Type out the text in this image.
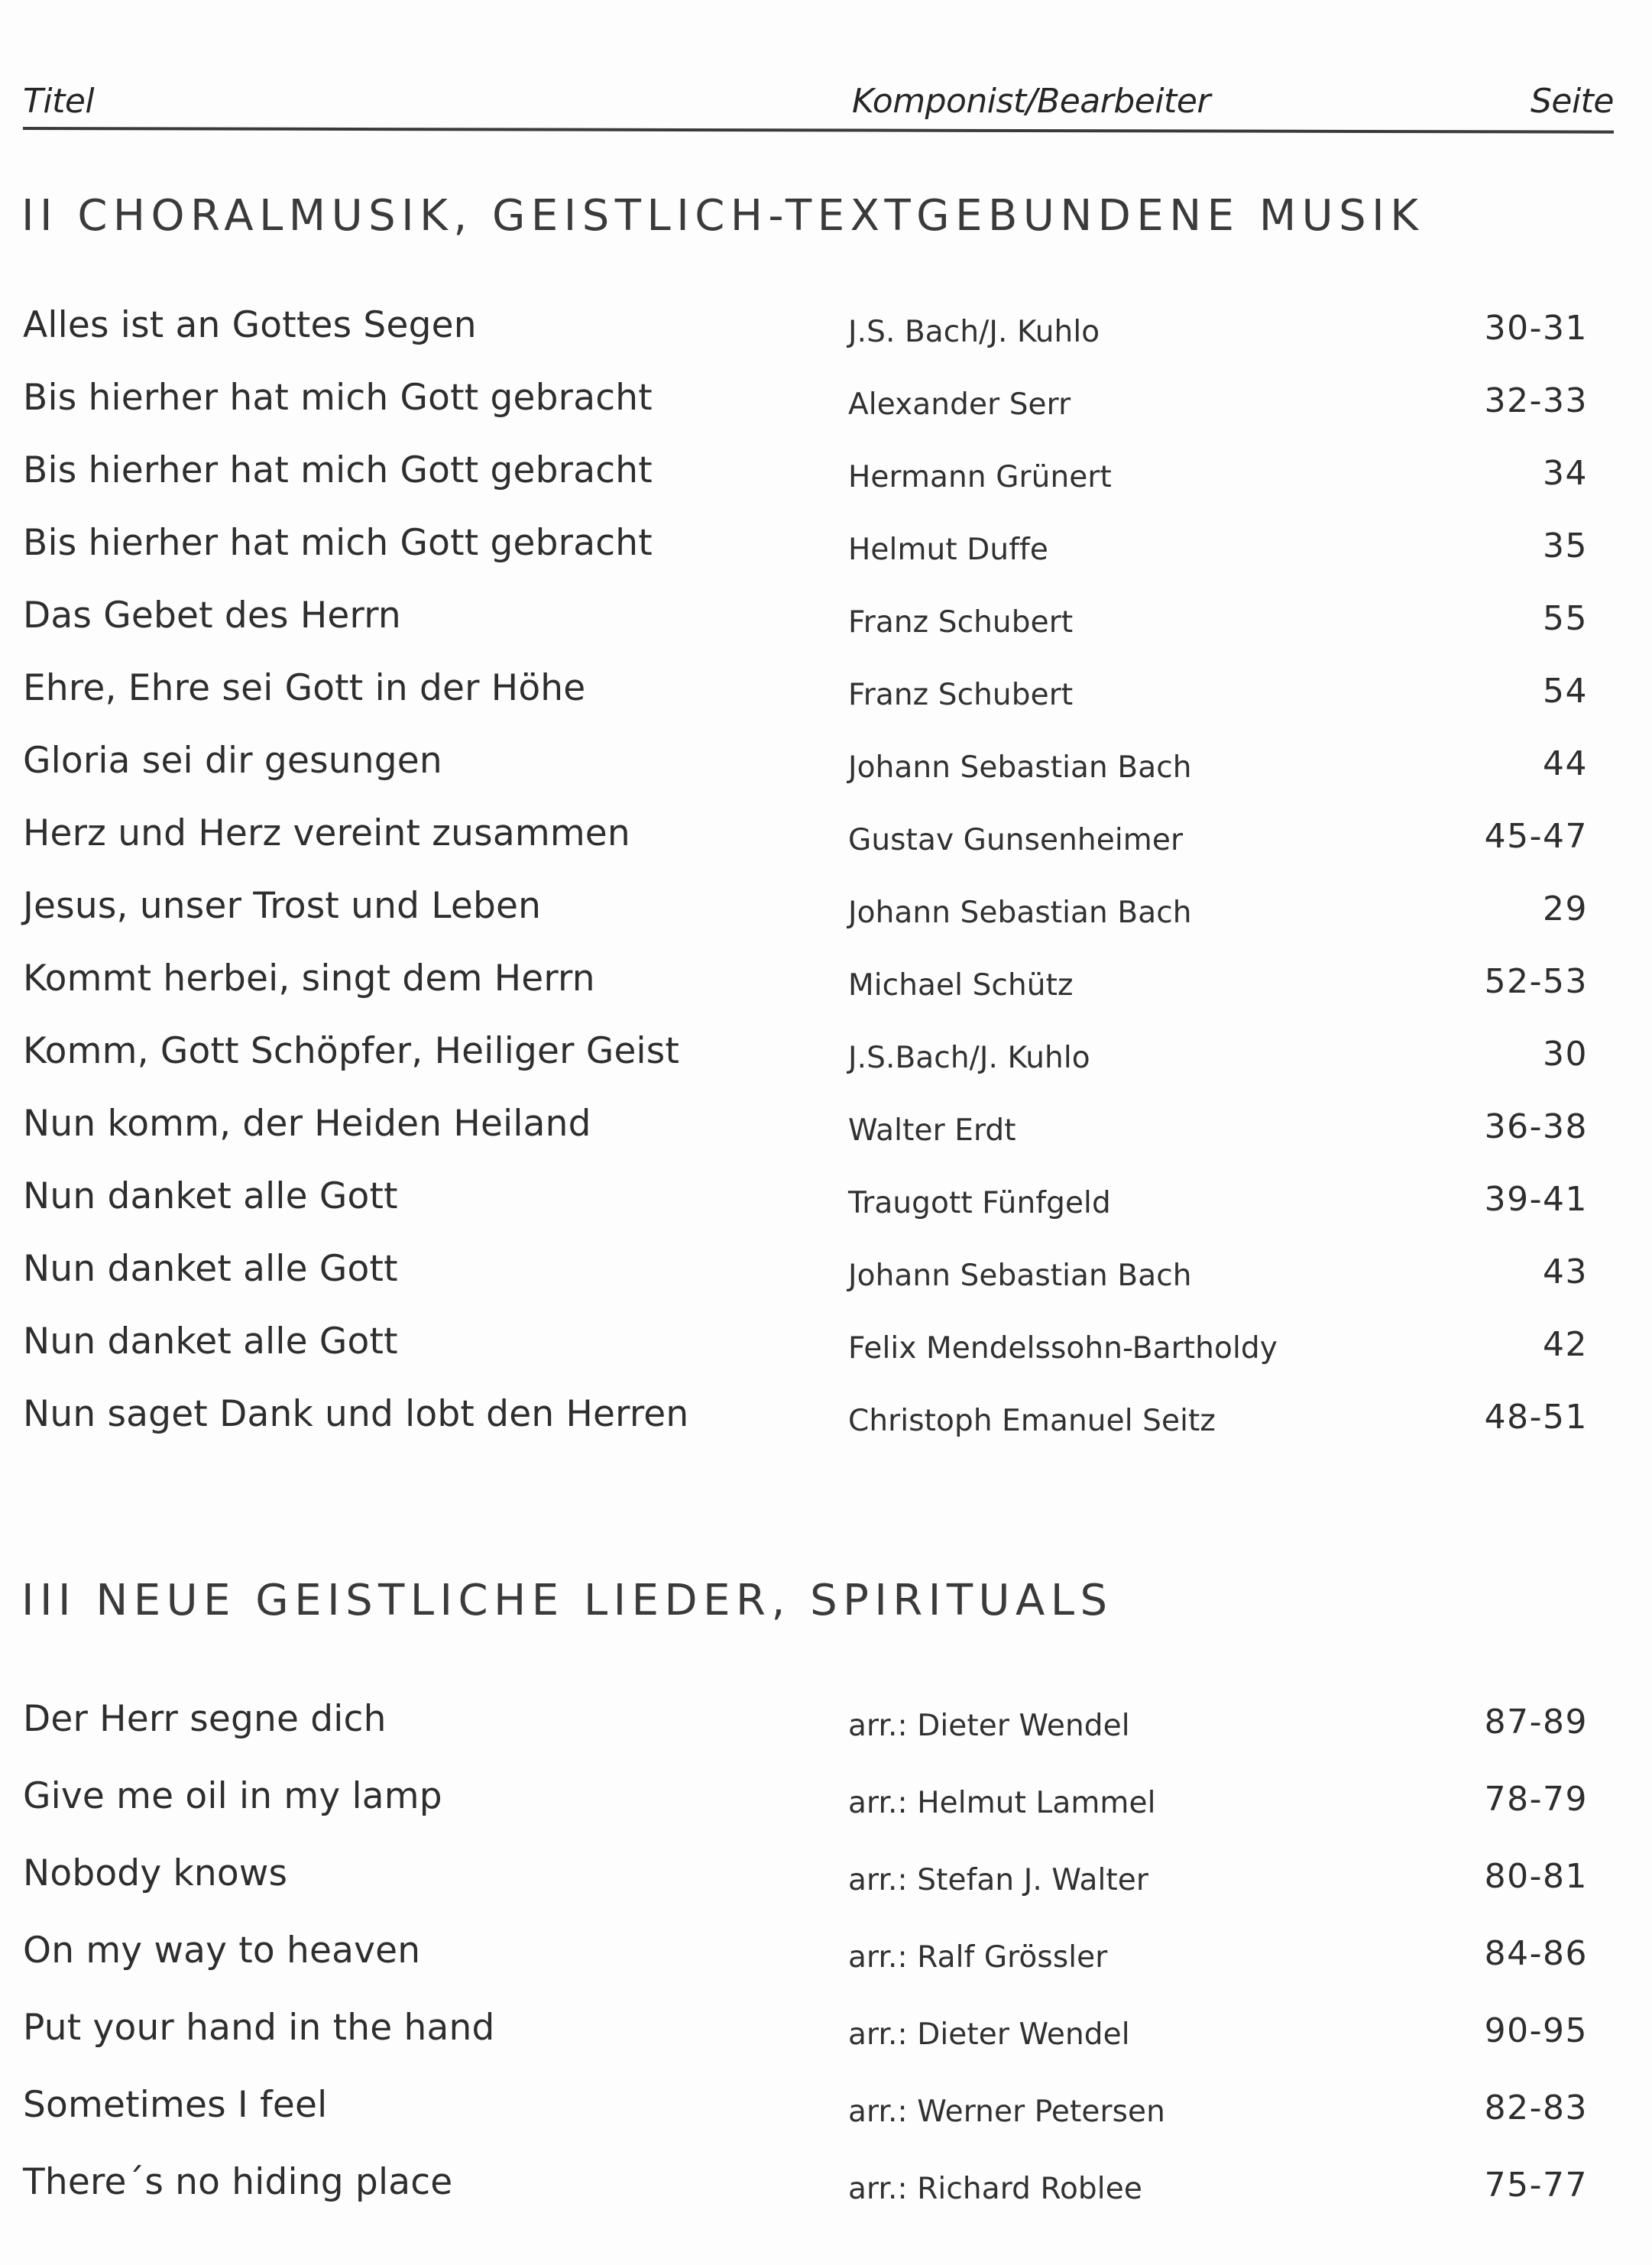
Titel	Komponist/Bearbeiter	Seite
II CHORALMUSIK, GEISTLICH-TEXTGEBUNDENE MUSIK
Alles ist an Gottes Segen	J.S. Bach/J. Kuhlo	30-31
Bis hierher hat mich Gott gebracht	Alexander Serr	32-33
Bis hierher hat mich Gott gebracht	Hermann Grünert	34
Bis hierher hat mich Gott gebracht	Helmut Duffe	35
Das Gebet des Herrn	Franz Schubert	55
Ehre, Ehre sei Gott in der Höhe	Franz Schubert	54
Gloria sei dir gesungen	Johann Sebastian Bach	44
Herz und Herz vereint zusammen	Gustav Gunsenheimer	45-47
Jesus, unser Trost und Leben	Johann Sebastian Bach	29
Kommt herbei, singt dem Herrn	Michael Schütz	52-53
Komm, Gott Schöpfer, Heiliger Geist	J.S.Bach/J. Kuhlo	30
Nun komm, der Heiden Heiland	Walter Erdt	36-38
Nun danket alle Gott	Traugott Fünfgeld	39-41
Nun danket alle Gott	Johann Sebastian Bach	43
Nun danket alle Gott	Felix Mendelssohn-Bartholdy	42
Nun saget Dank und lobt den Herren	Christoph Emanuel Seitz	48-51
III NEUE GEISTLICHE LIEDER, SPIRITUALS
Der Herr segne dich	arr.: Dieter Wendel	87-89
Give me oil in my lamp	arr.: Helmut Lammel	78-79
Nobody knows	arr.: Stefan J. Walter	80-81
On my way to heaven	arr.: Ralf Grössler	84-86
Put your hand in the hand	arr.: Dieter Wendel	90-95
Sometimes I feel	arr.: Werner Petersen	82-83
There´s no hiding place	arr.: Richard Roblee	75-77
